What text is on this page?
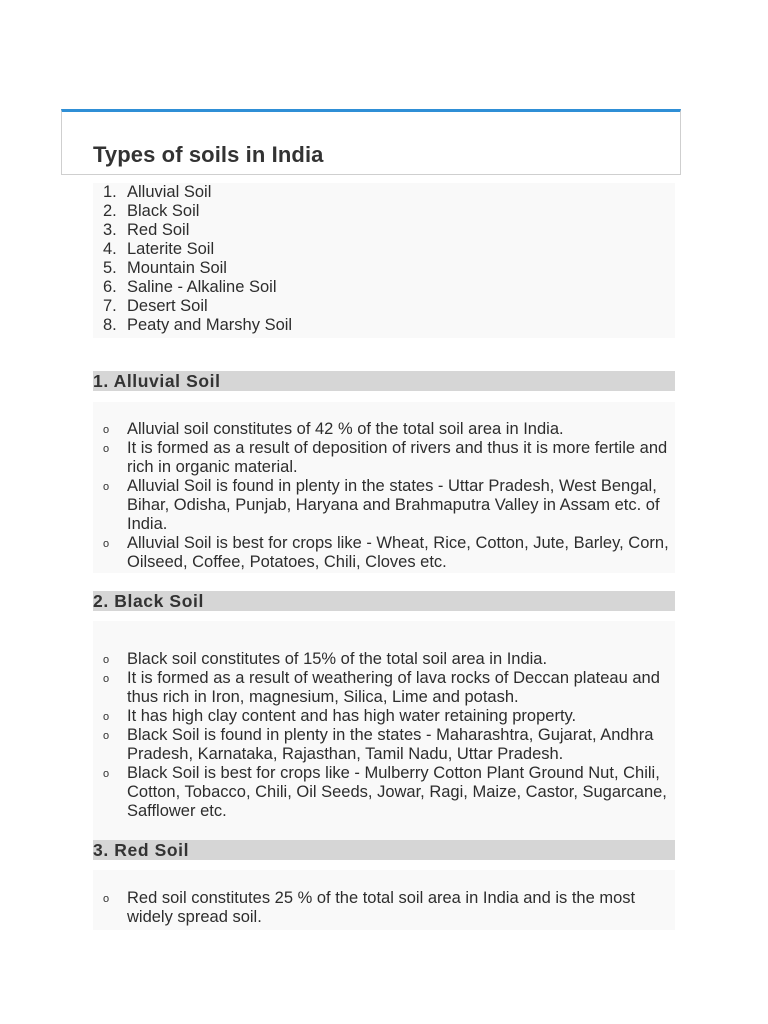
Types of soils in India
1. Alluvial Soil
2. Black Soil
3. Red Soil
4. Laterite Soil
5. Mountain Soil
6. Saline - Alkaline Soil
7. Desert Soil
8. Peaty and Marshy Soil
1. Alluvial Soil
o Alluvial soil constitutes of 42 % of the total soil area in India.
o It is formed as a result of deposition of rivers and thus it is more fertile and rich in organic material.
o Alluvial Soil is found in plenty in the states - Uttar Pradesh, West Bengal, Bihar, Odisha, Punjab, Haryana and Brahmaputra Valley in Assam etc. of India.
o Alluvial Soil is best for crops like - Wheat, Rice, Cotton, Jute, Barley, Corn, Oilseed, Coffee, Potatoes, Chili, Cloves etc.
2. Black Soil
o Black soil constitutes of 15% of the total soil area in India.
o It is formed as a result of weathering of lava rocks of Deccan plateau and thus rich in Iron, magnesium, Silica, Lime and potash.
o It has high clay content and has high water retaining property.
o Black Soil is found in plenty in the states - Maharashtra, Gujarat, Andhra Pradesh, Karnataka, Rajasthan, Tamil Nadu, Uttar Pradesh.
o Black Soil is best for crops like - Mulberry Cotton Plant Ground Nut, Chili, Cotton, Tobacco, Chili, Oil Seeds, Jowar, Ragi, Maize, Castor, Sugarcane, Safflower etc.
3. Red Soil
o Red soil constitutes 25 % of the total soil area in India and is the most widely spread soil.
